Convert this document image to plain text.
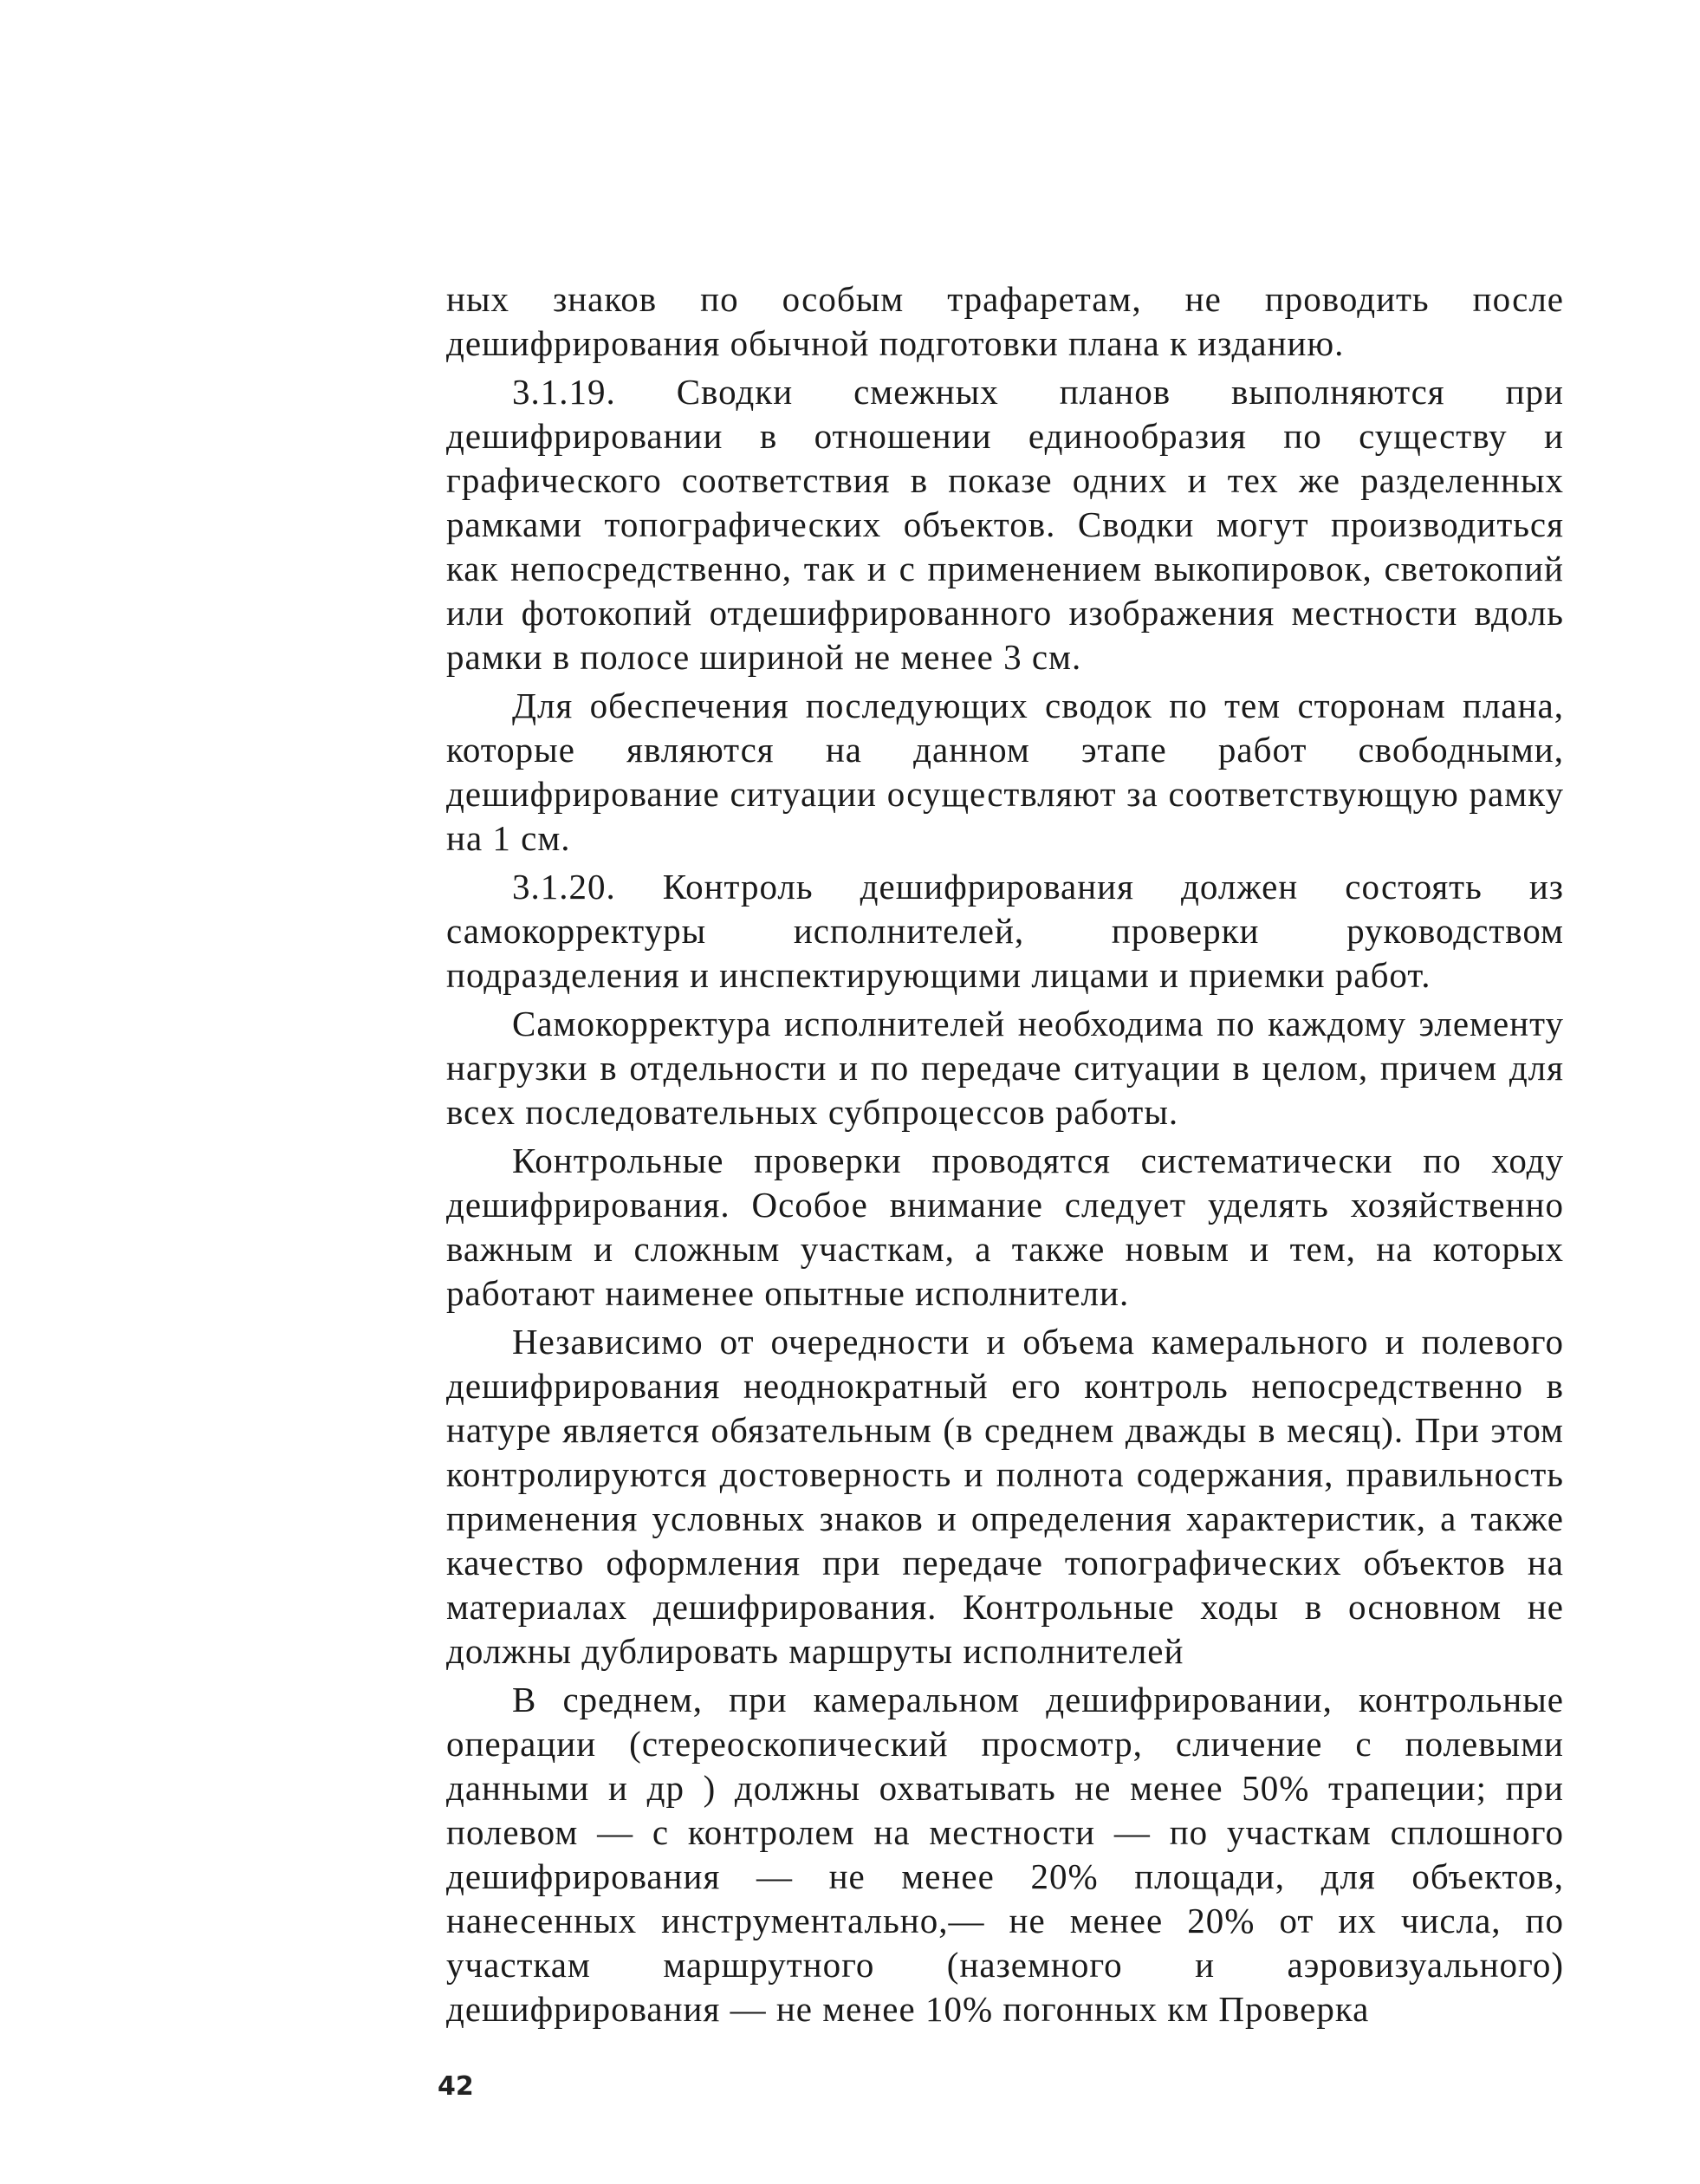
ных знаков по особым трафаретам, не проводить после дешифрирования обычной подготовки плана к изданию.

3.1.19. Сводки смежных планов выполняются при дешифрировании в отношении единообразия по существу и графического соответствия в показе одних и тех же разделенных рамками топографических объектов. Сводки могут производиться как непосредственно, так и с применением выкопировок, светокопий или фотокопий отдешифрированного изображения местности вдоль рамки в полосе шириной не менее 3 см.

Для обеспечения последующих сводок по тем сторонам плана, которые являются на данном этапе работ свободными, дешифрирование ситуации осуществляют за соответствующую рамку на 1 см.

3.1.20. Контроль дешифрирования должен состоять из самокорректуры исполнителей, проверки руководством подразделения и инспектирующими лицами и приемки работ.

Самокорректура исполнителей необходима по каждому элементу нагрузки в отдельности и по передаче ситуации в целом, причем для всех последовательных субпроцессов работы.

Контрольные проверки проводятся систематически по ходу дешифрирования. Особое внимание следует уделять хозяйственно важным и сложным участкам, а также новым и тем, на которых работают наименее опытные исполнители.

Независимо от очередности и объема камерального и полевого дешифрирования неоднократный его контроль непосредственно в натуре является обязательным (в среднем дважды в месяц). При этом контролируются достоверность и полнота содержания, правильность применения условных знаков и определения характеристик, а также качество оформления при передаче топографических объектов на материалах дешифрирования. Контрольные ходы в основном не должны дублировать маршруты исполнителей

В среднем, при камеральном дешифрировании, контрольные операции (стереоскопический просмотр, сличение с полевыми данными и др ) должны охватывать не менее 50% трапеции; при полевом — с контролем на местности — по участкам сплошного дешифрирования — не менее 20% площади, для объектов, нанесенных инструментально,— не менее 20% от их числа, по участкам маршрутного (наземного и аэровизуального) дешифрирования — не менее 10% погонных км Проверка

42
